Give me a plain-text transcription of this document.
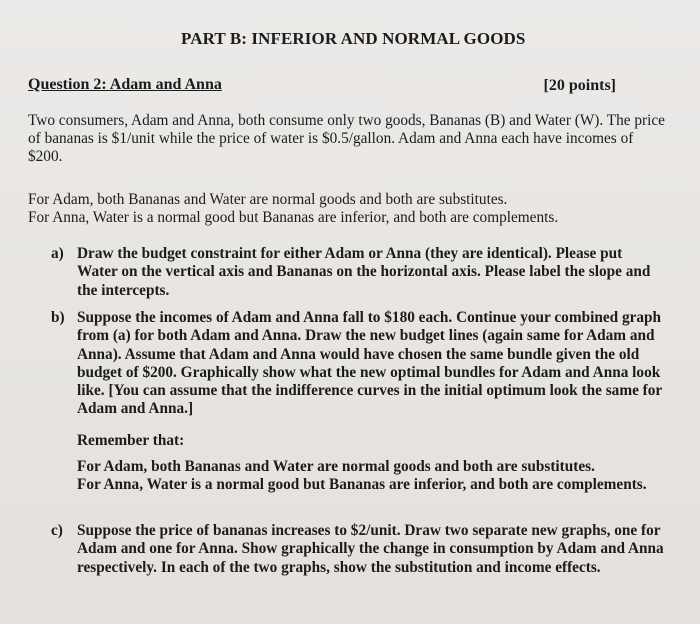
PART B: INFERIOR AND NORMAL GOODS
Question 2: Adam and Anna	[20 points]
Two consumers, Adam and Anna, both consume only two goods, Bananas (B) and Water (W). The price of bananas is $1/unit while the price of water is $0.5/gallon. Adam and Anna each have incomes of $200.
For Adam, both Bananas and Water are normal goods and both are substitutes.
For Anna, Water is a normal good but Bananas are inferior, and both are complements.
a) Draw the budget constraint for either Adam or Anna (they are identical). Please put Water on the vertical axis and Bananas on the horizontal axis. Please label the slope and the intercepts.
b) Suppose the incomes of Adam and Anna fall to $180 each. Continue your combined graph from (a) for both Adam and Anna. Draw the new budget lines (again same for Adam and Anna). Assume that Adam and Anna would have chosen the same bundle given the old budget of $200. Graphically show what the new optimal bundles for Adam and Anna look like. [You can assume that the indifference curves in the initial optimum look the same for Adam and Anna.]
Remember that:
For Adam, both Bananas and Water are normal goods and both are substitutes.
For Anna, Water is a normal good but Bananas are inferior, and both are complements.
c) Suppose the price of bananas increases to $2/unit. Draw two separate new graphs, one for Adam and one for Anna. Show graphically the change in consumption by Adam and Anna respectively. In each of the two graphs, show the substitution and income effects.
